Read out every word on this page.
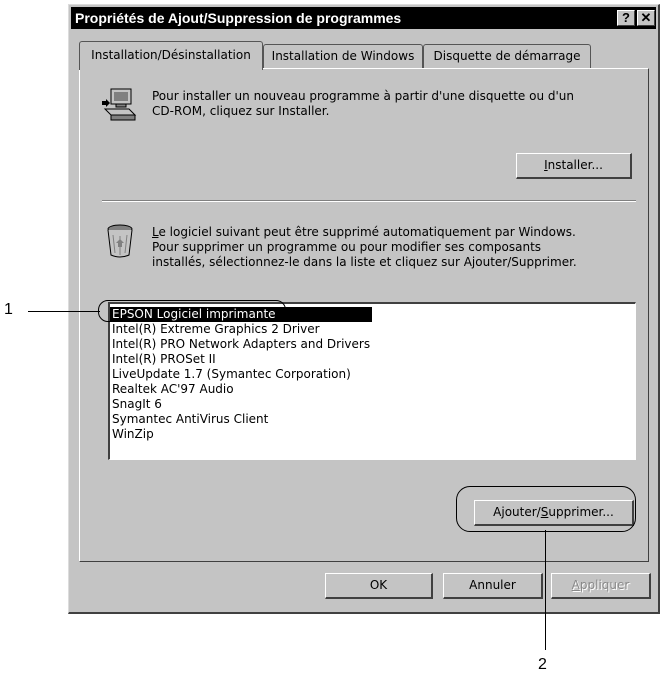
Propriétés de Ajout/Suppression de programmes	? ✕
Installation/Désinstallation	Installation de Windows	Disquette de démarrage
Pour installer un nouveau programme à partir d'une disquette ou d'un
CD-ROM, cliquez sur Installer.
Installer...
Le logiciel suivant peut être supprimé automatiquement par Windows.
Pour supprimer un programme ou pour modifier ses composants
installés, sélectionnez-le dans la liste et cliquez sur Ajouter/Supprimer.
EPSON Logiciel imprimante
Intel(R) Extreme Graphics 2 Driver
Intel(R) PRO Network Adapters and Drivers
Intel(R) PROSet II
LiveUpdate 1.7 (Symantec Corporation)
Realtek AC'97 Audio
SnagIt 6
Symantec AntiVirus Client
WinZip
Ajouter/Supprimer...
OK	Annuler	Appliquer
1
2
